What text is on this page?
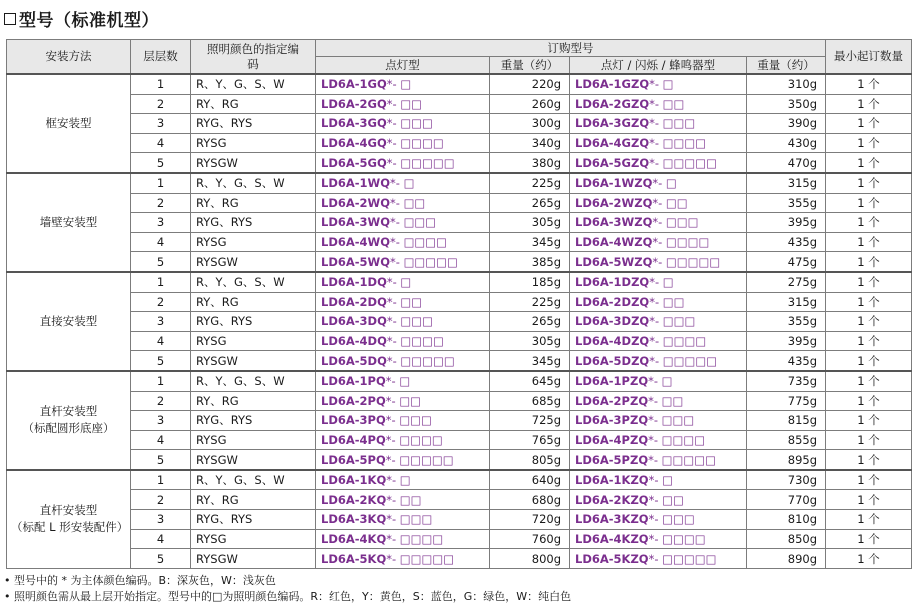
型号（标准机型）
安装方法	层层数	照明颜色的指定编码	订购型号				最小起订数量
			点灯型	重量（约）	点灯 / 闪烁 / 蜂鸣器型	重量（约）	

框安装型	1	R、Y、G、S、W	LD6A-1GQ*- □	220g	LD6A-1GZQ*- □	310g	1 个
	2	RY、RG	LD6A-2GQ*- □□	260g	LD6A-2GZQ*- □□	350g	1 个
	3	RYG、RYS	LD6A-3GQ*- □□□	300g	LD6A-3GZQ*- □□□	390g	1 个
	4	RYSG	LD6A-4GQ*- □□□□	340g	LD6A-4GZQ*- □□□□	430g	1 个
	5	RYSGW	LD6A-5GQ*- □□□□□	380g	LD6A-5GZQ*- □□□□□	470g	1 个

墙壁安装型	1	R、Y、G、S、W	LD6A-1WQ*- □	225g	LD6A-1WZQ*- □	315g	1 个
	2	RY、RG	LD6A-2WQ*- □□	265g	LD6A-2WZQ*- □□	355g	1 个
	3	RYG、RYS	LD6A-3WQ*- □□□	305g	LD6A-3WZQ*- □□□	395g	1 个
	4	RYSG	LD6A-4WQ*- □□□□	345g	LD6A-4WZQ*- □□□□	435g	1 个
	5	RYSGW	LD6A-5WQ*- □□□□□	385g	LD6A-5WZQ*- □□□□□	475g	1 个

直接安装型	1	R、Y、G、S、W	LD6A-1DQ*- □	185g	LD6A-1DZQ*- □	275g	1 个
	2	RY、RG	LD6A-2DQ*- □□	225g	LD6A-2DZQ*- □□	315g	1 个
	3	RYG、RYS	LD6A-3DQ*- □□□	265g	LD6A-3DZQ*- □□□	355g	1 个
	4	RYSG	LD6A-4DQ*- □□□□	305g	LD6A-4DZQ*- □□□□	395g	1 个
	5	RYSGW	LD6A-5DQ*- □□□□□	345g	LD6A-5DZQ*- □□□□□	435g	1 个

直杆安装型
（标配圆形底座）	1	R、Y、G、S、W	LD6A-1PQ*- □	645g	LD6A-1PZQ*- □	735g	1 个
	2	RY、RG	LD6A-2PQ*- □□	685g	LD6A-2PZQ*- □□	775g	1 个
	3	RYG、RYS	LD6A-3PQ*- □□□	725g	LD6A-3PZQ*- □□□	815g	1 个
	4	RYSG	LD6A-4PQ*- □□□□	765g	LD6A-4PZQ*- □□□□	855g	1 个
	5	RYSGW	LD6A-5PQ*- □□□□□	805g	LD6A-5PZQ*- □□□□□	895g	1 个

直杆安装型
（标配 L 形安装配件）	1	R、Y、G、S、W	LD6A-1KQ*- □	640g	LD6A-1KZQ*- □	730g	1 个
	2	RY、RG	LD6A-2KQ*- □□	680g	LD6A-2KZQ*- □□	770g	1 个
	3	RYG、RYS	LD6A-3KQ*- □□□	720g	LD6A-3KZQ*- □□□	810g	1 个
	4	RYSG	LD6A-4KQ*- □□□□	760g	LD6A-4KZQ*- □□□□	850g	1 个
	5	RYSGW	LD6A-5KQ*- □□□□□	800g	LD6A-5KZQ*- □□□□□	890g	1 个
• 型号中的 * 为主体颜色编码。B：深灰色，W：浅灰色
• 照明颜色需从最上层开始指定。型号中的□为照明颜色编码。R：红色，Y：黄色，S：蓝色，G：绿色，W：纯白色
